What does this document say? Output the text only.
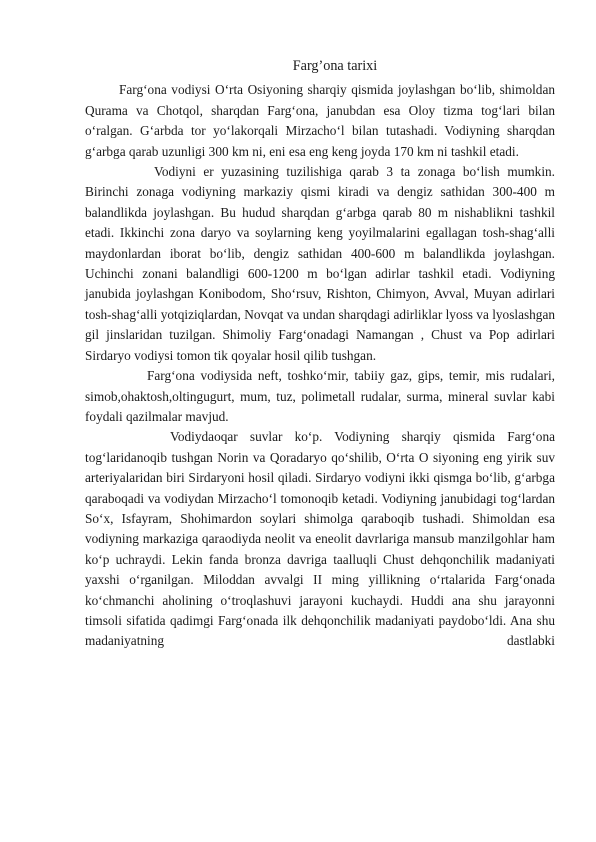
Farg’ona tarixi

Farg‘ona vodiysi O‘rta Osiyoning sharqiy qismida joylashgan bo‘lib, shimoldan Qurama va Chotqol, sharqdan Farg‘ona, janubdan esa Oloy tizma tog‘lari bilan o‘ralgan. G‘arbda tor yo‘lakorqali Mirzacho‘l bilan tutashadi. Vodiyning sharqdan g‘arbga qarab uzunligi 300 km ni, eni esa eng keng joyda 170 km ni tashkil etadi.

Vodiyni er yuzasining tuzilishiga qarab 3 ta zonaga bo‘lish mumkin. Birinchi zonaga vodiyning markaziy qismi kiradi va dengiz sathidan 300-400 m balandlikda joylashgan. Bu hudud sharqdan g‘arbga qarab 80 m nishablikni tashkil etadi. Ikkinchi zona daryo va soylarning keng yoyilmalarini egallagan tosh-shag‘alli maydonlardan iborat bo‘lib, dengiz sathidan 400-600 m balandlikda joylashgan. Uchinchi zonani balandligi 600-1200 m bo‘lgan adirlar tashkil etadi. Vodiyning janubida joylashgan Konibodom, Sho‘rsuv, Rishton, Chimyon, Avval, Muyan adirlari tosh-shag‘alli yotqiziqlardan, Novqat va undan sharqdagi adirliklar lyoss va lyoslashgan gil jinslaridan tuzilgan. Shimoliy Farg‘onadagi Namangan , Chust va Pop adirlari Sirdaryo vodiysi tomon tik qoyalar hosil qilib tushgan.

Farg‘ona vodiysida neft, toshko‘mir, tabiiy gaz, gips, temir, mis rudalari, simob,ohaktosh,oltingugurt, mum, tuz, polimetall rudalar, surma, mineral suvlar kabi foydali qazilmalar mavjud.

Vodiydaoqar suvlar ko‘p. Vodiyning sharqiy qismida Farg‘ona tog‘laridanoqib tushgan Norin va Qoradaryo qo‘shilib, O‘rta O siyoning eng yirik suv arteriyalaridan biri Sirdaryoni hosil qiladi. Sirdaryo vodiyni ikki qismga bo‘lib, g‘arbga qaraboqadi va vodiydan Mirzacho‘l tomonoqib ketadi. Vodiyning janubidagi tog‘lardan So‘x, Isfayram, Shohimardon soylari shimolga qaraboqib tushadi. Shimoldan esa vodiyning markaziga qaraodiyda neolit va eneolit davrlariga mansub manzilgohlar ham ko‘p uchraydi. Lekin fanda bronza davriga taalluqli Chust dehqonchilik madaniyati yaxshi o‘rganilgan. Miloddan avvalgi II ming yillikning o‘rtalarida Farg‘onada ko‘chmanchi aholining o‘troqlashuvi jarayoni kuchaydi. Huddi ana shu jarayonni timsoli sifatida qadimgi Farg‘onada ilk dehqonchilik madaniyati paydobo‘ldi. Ana shu madaniyatning dastlabki
